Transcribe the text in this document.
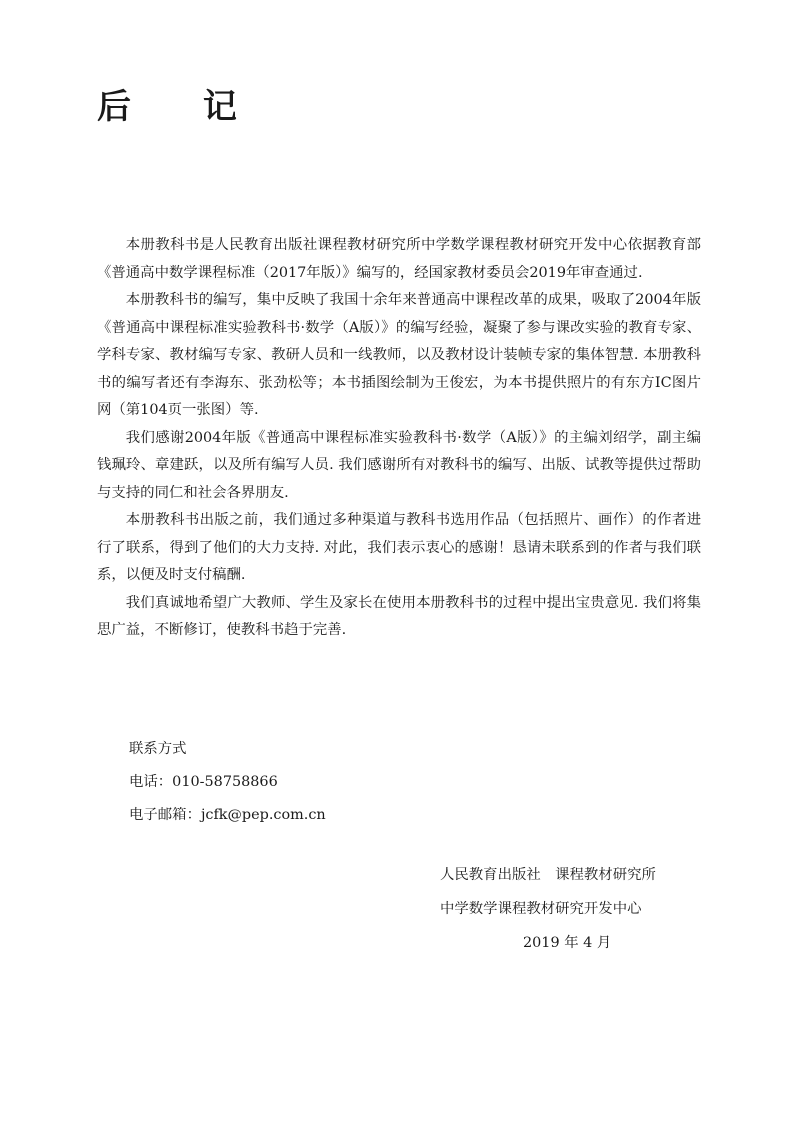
后 记

本册教科书是人民教育出版社课程教材研究所中学数学课程教材研究开发中心依据教育部《普通高中数学课程标准（2017年版）》编写的，经国家教材委员会2019年审查通过.

本册教科书的编写，集中反映了我国十余年来普通高中课程改革的成果，吸取了2004年版《普通高中课程标准实验教科书·数学（A版）》的编写经验，凝聚了参与课改实验的教育专家、学科专家、教材编写专家、教研人员和一线教师，以及教材设计装帧专家的集体智慧. 本册教科书的编写者还有李海东、张劲松等；本书插图绘制为王俊宏，为本书提供照片的有东方IC图片网（第104页一张图）等.

我们感谢2004年版《普通高中课程标准实验教科书·数学（A版）》的主编刘绍学，副主编钱珮玲、章建跃，以及所有编写人员. 我们感谢所有对教科书的编写、出版、试教等提供过帮助与支持的同仁和社会各界朋友.

本册教科书出版之前，我们通过多种渠道与教科书选用作品（包括照片、画作）的作者进行了联系，得到了他们的大力支持. 对此，我们表示衷心的感谢！恳请未联系到的作者与我们联系，以便及时支付稿酬.

我们真诚地希望广大教师、学生及家长在使用本册教科书的过程中提出宝贵意见. 我们将集思广益，不断修订，使教科书趋于完善.

联系方式
电话：010-58758866
电子邮箱：jcfk@pep.com.cn
人民教育出版社　课程教材研究所
中学数学课程教材研究开发中心
2019 年 4 月
